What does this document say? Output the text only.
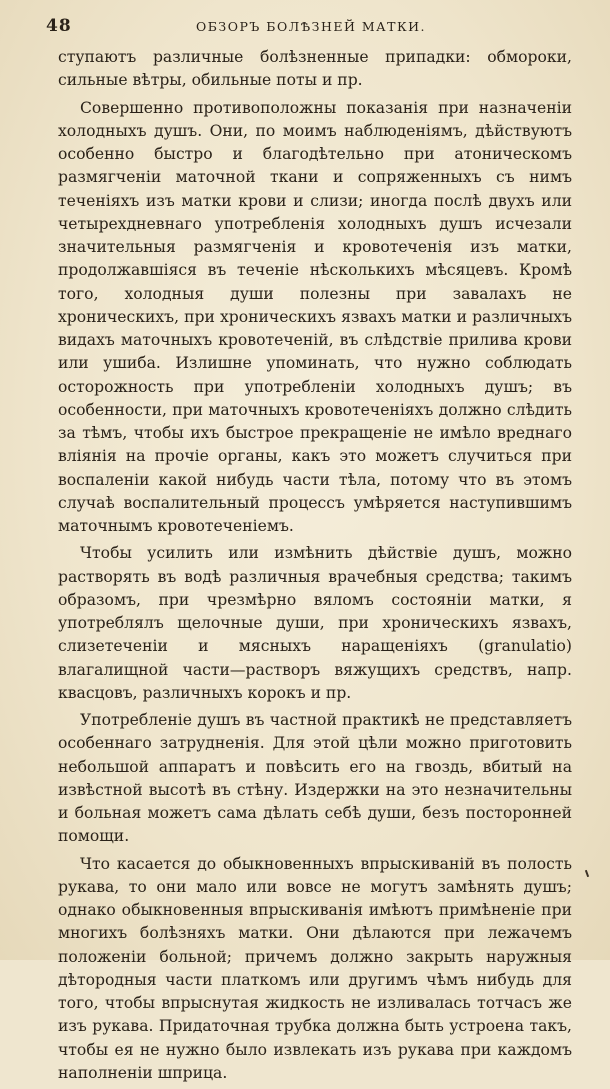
48	ОБЗОРЪ БОЛѢЗНЕЙ МАТКИ.

ступаютъ различные болѣзненные припадки: обмороки, сильные вѣтры, обильные поты и пр.

Совершенно противоположны показанія при назначеніи холодныхъ душъ. Они, по моимъ наблюденіямъ, дѣйствуютъ особенно быстро и благодѣтельно при атоническомъ размягченіи маточной ткани и сопряженныхъ съ нимъ теченіяхъ изъ матки крови и слизи; иногда послѣ двухъ или четырехдневнаго употребленія холодныхъ душъ исчезали значительныя размягченія и кровотеченія изъ матки, продолжавшіяся въ теченіе нѣсколькихъ мѣсяцевъ. Кромѣ того, холодныя души полезны при завалахъ не хроническихъ, при хроническихъ язвахъ матки и различныхъ видахъ маточныхъ кровотеченій, въ слѣдствіе прилива крови или ушиба. Излишне упоминать, что нужно соблюдать осторожность при употребленіи холодныхъ душъ; въ особенности, при маточныхъ кровотеченіяхъ должно слѣдить за тѣмъ, чтобы ихъ быстрое прекращеніе не имѣло вреднаго вліянія на прочіе органы, какъ это можетъ случиться при воспаленіи какой нибудь части тѣла, потому что въ этомъ случаѣ воспалительный процессъ умѣряется наступившимъ маточнымъ кровотеченіемъ.

Чтобы усилить или измѣнить дѣйствіе душъ, можно растворять въ водѣ различныя врачебныя средства; такимъ образомъ, при чрезмѣрно вяломъ состояніи матки, я употреблялъ щелочные души, при хроническихъ язвахъ, слизетеченіи и мясныхъ наращеніяхъ (granulatio) влагалищной части—растворъ вяжущихъ средствъ, напр. квасцовъ, различныхъ корокъ и пр.

Употребленіе душъ въ частной практикѣ не представляетъ особеннаго затрудненія. Для этой цѣли можно приготовить небольшой аппаратъ и повѣсить его на гвоздь, вбитый на извѣстной высотѣ въ стѣну. Издержки на это незначительны и больная можетъ сама дѣлать себѣ души, безъ посторонней помощи.

Что касается до обыкновенныхъ впрыскиваній въ полость рукава, то они мало или вовсе не могутъ замѣнять душъ; однако обыкновенныя впрыскиванія имѣютъ примѣненіе при многихъ болѣзняхъ матки. Они дѣлаются при лежачемъ положеніи больной; причемъ должно закрыть наружныя дѣтородныя части платкомъ или другимъ чѣмъ нибудь для того, чтобы впрыснутая жидкость не изливалась тотчасъ же изъ рукава. Придаточная трубка должна быть устроена такъ, чтобы ея не нужно было извлекать изъ рукава при каждомъ наполненіи шприца.
